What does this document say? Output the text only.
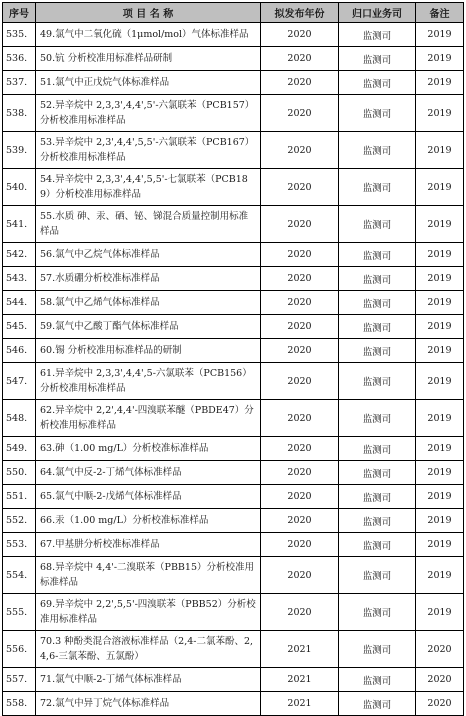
序号	项 目 名 称	拟发布年份	归口业务司	备注
535.	49.氯气中二氧化硫（1μmol/mol）气体标准样品	2020	监测司	2019
536.	50.钪 分析校准用标准样品研制	2020	监测司	2019
537.	51.氯气中正戊烷气体标准样品	2020	监测司	2019
538.	52.异辛烷中 2,3,3',4,4',5'-六氯联苯（PCB157）分析校准用标准样品	2020	监测司	2019
539.	53.异辛烷中 2,3',4,4',5,5'-六氯联苯（PCB167）分析校准用标准样品	2020	监测司	2019
540.	54.异辛烷中 2,3,3',4,4',5,5'-七氯联苯（PCB189）分析校准用标准样品	2020	监测司	2019
541.	55.水质 砷、汞、硒、铋、锑混合质量控制用标准样品	2020	监测司	2019
542.	56.氯气中乙烷气体标准样品	2020	监测司	2019
543.	57.水质硼分析校准标准样品	2020	监测司	2019
544.	58.氯气中乙烯气体标准样品	2020	监测司	2019
545.	59.氯气中乙酸丁酯气体标准样品	2020	监测司	2019
546.	60.锡 分析校准用标准样品的研制	2020	监测司	2019
547.	61.异辛烷中 2,3,3',4,4',5-六氯联苯（PCB156）分析校准用标准样品	2020	监测司	2019
548.	62.异辛烷中 2,2',4,4'-四溴联苯醚（PBDE47）分析校准用标准样品	2020	监测司	2019
549.	63.砷（1.00 mg/L）分析校准标准样品	2020	监测司	2019
550.	64.氯气中反-2-丁烯气体标准样品	2020	监测司	2019
551.	65.氯气中顺-2-戊烯气体标准样品	2020	监测司	2019
552.	66.汞（1.00 mg/L）分析校准标准样品	2020	监测司	2019
553.	67.甲基肼分析校准标准样品	2020	监测司	2019
554.	68.异辛烷中 4,4'-二溴联苯（PBB15）分析校准用标准样品	2020	监测司	2019
555.	69.异辛烷中 2,2',5,5'-四溴联苯（PBB52）分析校准用标准样品	2020	监测司	2019
556.	70.3 种酚类混合溶液标准样品（2,4-二氯苯酚、2,4,6-三氯苯酚、五氯酚）	2021	监测司	2020
557.	71.氯气中顺-2-丁烯气体标准样品	2021	监测司	2020
558.	72.氯气中异丁烷气体标准样品	2021	监测司	2020
